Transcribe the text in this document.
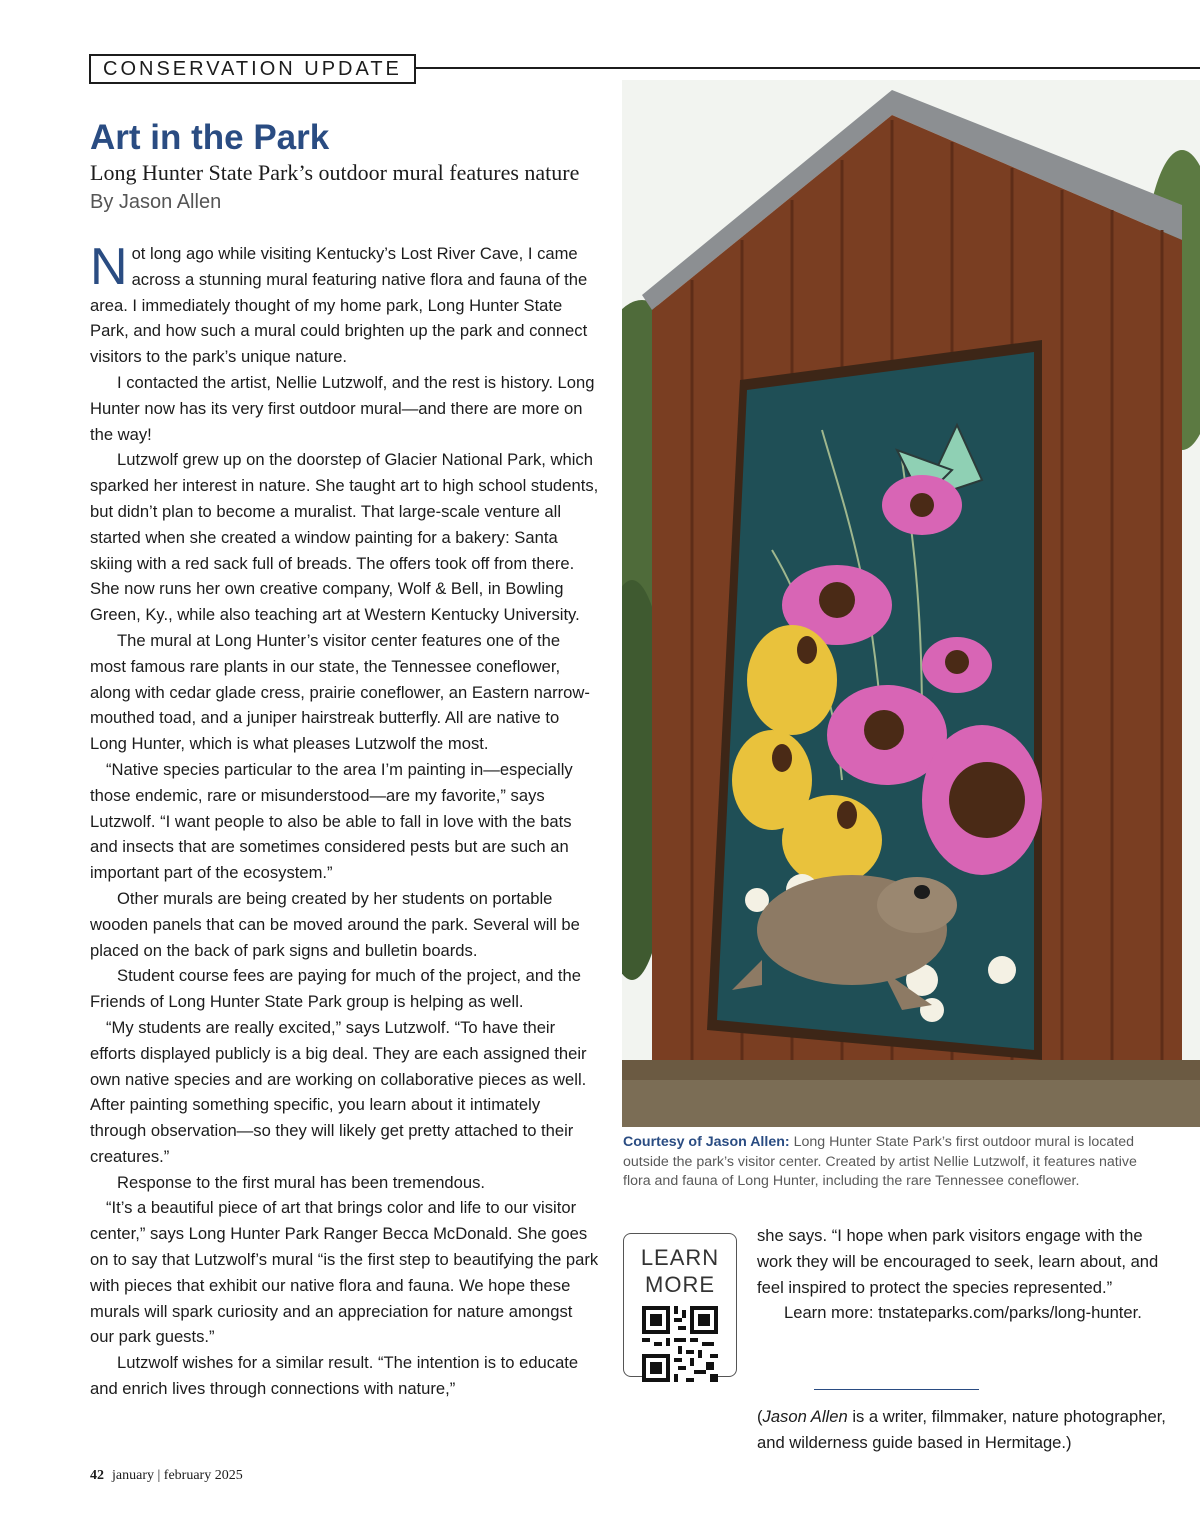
CONSERVATION UPDATE
Art in the Park
Long Hunter State Park’s outdoor mural features nature
By Jason Allen

Not long ago while visiting Kentucky’s Lost River Cave, I came across a stunning mural featuring native flora and fauna of the area. I immediately thought of my home park, Long Hunter State Park, and how such a mural could brighten up the park and connect visitors to the park’s unique nature.

I contacted the artist, Nellie Lutzwolf, and the rest is history. Long Hunter now has its very first outdoor mural—and there are more on the way!

Lutzwolf grew up on the doorstep of Glacier National Park, which sparked her interest in nature. She taught art to high school students, but didn’t plan to become a muralist. That large-scale venture all started when she created a window painting for a bakery: Santa skiing with a red sack full of breads. The offers took off from there. She now runs her own creative company, Wolf & Bell, in Bowling Green, Ky., while also teaching art at Western Kentucky University.

The mural at Long Hunter’s visitor center features one of the most famous rare plants in our state, the Tennessee coneflower, along with cedar glade cress, prairie coneflower, an Eastern narrow-mouthed toad, and a juniper hairstreak butterfly. All are native to Long Hunter, which is what pleases Lutzwolf the most.

“Native species particular to the area I’m painting in—especially those endemic, rare or misunderstood—are my favorite,” says Lutzwolf. “I want people to also be able to fall in love with the bats and insects that are sometimes considered pests but are such an important part of the ecosystem.”

Other murals are being created by her students on portable wooden panels that can be moved around the park. Several will be placed on the back of park signs and bulletin boards.

Student course fees are paying for much of the project, and the Friends of Long Hunter State Park group is helping as well.

“My students are really excited,” says Lutzwolf. “To have their efforts displayed publicly is a big deal. They are each assigned their own native species and are working on collaborative pieces as well. After painting something specific, you learn about it intimately through observation—so they will likely get pretty attached to their creatures.”

Response to the first mural has been tremendous.

“It’s a beautiful piece of art that brings color and life to our visitor center,” says Long Hunter Park Ranger Becca McDonald. She goes on to say that Lutzwolf’s mural “is the first step to beautifying the park with pieces that exhibit our native flora and fauna. We hope these murals will spark curiosity and an appreciation for nature amongst our park guests.”

Lutzwolf wishes for a similar result. “The intention is to educate and enrich lives through connections with nature,”

Courtesy of Jason Allen: Long Hunter State Park’s first outdoor mural is located outside the park’s visitor center. Created by artist Nellie Lutzwolf, it features native flora and fauna of Long Hunter, including the rare Tennessee coneflower.
LEARN
MORE

she says. “I hope when park visitors engage with the work they will be encouraged to seek, learn about, and feel inspired to protect the species represented.”

Learn more: tnstateparks.com/parks/long-hunter.

(Jason Allen is a writer, filmmaker, nature photographer, and wilderness guide based in Hermitage.)
42 january | february 2025
